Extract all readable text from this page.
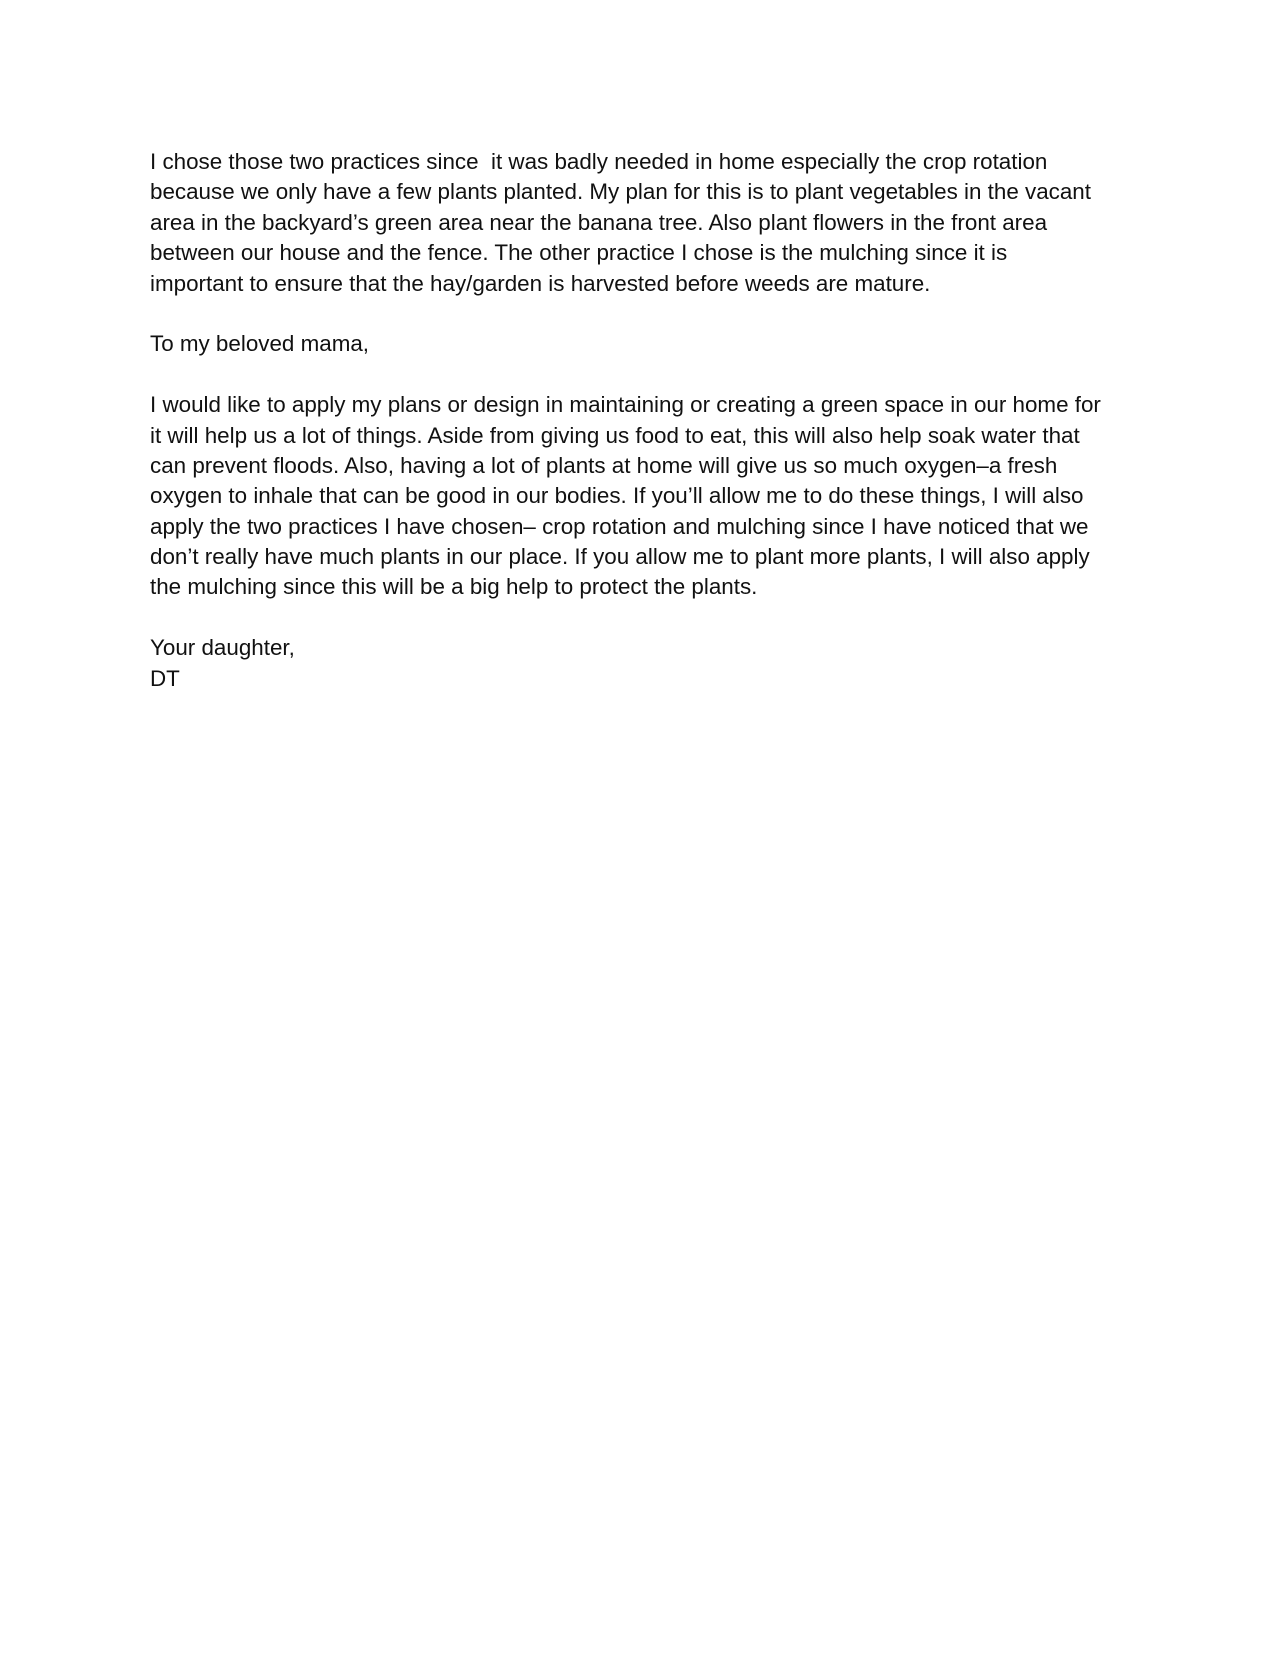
I chose those two practices since  it was badly needed in home especially the crop rotation
because we only have a few plants planted. My plan for this is to plant vegetables in the vacant
area in the backyard’s green area near the banana tree. Also plant flowers in the front area
between our house and the fence. The other practice I chose is the mulching since it is
important to ensure that the hay/garden is harvested before weeds are mature.
To my beloved mama,
I would like to apply my plans or design in maintaining or creating a green space in our home for
it will help us a lot of things. Aside from giving us food to eat, this will also help soak water that
can prevent floods. Also, having a lot of plants at home will give us so much oxygen–a fresh
oxygen to inhale that can be good in our bodies. If you’ll allow me to do these things, I will also
apply the two practices I have chosen– crop rotation and mulching since I have noticed that we
don’t really have much plants in our place. If you allow me to plant more plants, I will also apply
the mulching since this will be a big help to protect the plants.
Your daughter,
DT
